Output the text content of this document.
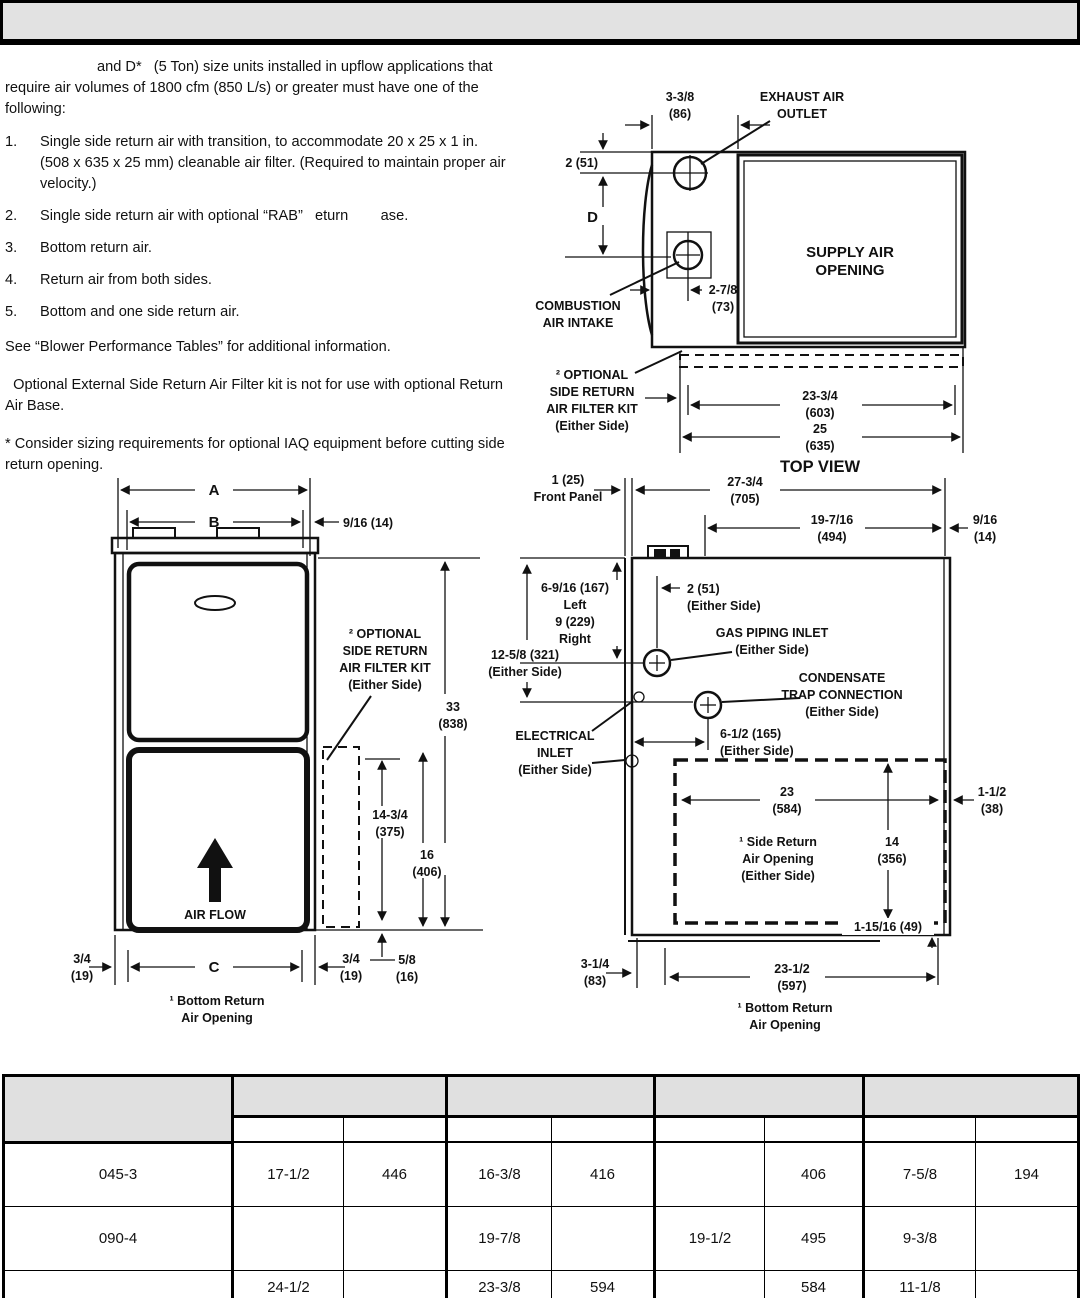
and D*   (5 Ton) size units installed in upflow applications that require air volumes of 1800 cfm (850 L/s) or greater must have one of the following:

1. Single side return air with transition, to accommodate 20 x 25 x 1 in. (508 x 635 x 25 mm) cleanable air filter. (Required to maintain proper air velocity.)
2. Single side return air with optional “RAB”   eturn        ase.
3. Bottom return air.
4. Return air from both sides.
5. Bottom and one side return air.

See “Blower Performance Tables” for additional information.

Optional External Side Return Air Filter kit is not for use with optional Return Air Base.

* Consider sizing requirements for optional IAQ equipment before cutting side return opening.

3-3/8
(86)
EXHAUST AIR
OUTLET
2 (51)
D
SUPPLY AIR
OPENING
COMBUSTION
AIR INTAKE
2-7/8
(73)
² OPTIONAL
SIDE RETURN
AIR FILTER KIT
(Either Side)
23-3/4
(603)
25
(635)
TOP VIEW
A
B	9/16 (14)
² OPTIONAL
SIDE RETURN
AIR FILTER KIT
(Either Side)
33
(838)
14-3/4
(375)
16
(406)
5/8
(16)
AIR FLOW
3/4
(19)	C	3/4
(19)
¹ Bottom Return
Air Opening
1 (25)
Front Panel
27-3/4
(705)
19-7/16
(494)
9/16
(14)
6-9/16 (167)
Left
9 (229)
Right
12-5/8 (321)
(Either Side)
2 (51)
(Either Side)
GAS PIPING INLET
(Either Side)
CONDENSATE
TRAP CONNECTION
(Either Side)
ELECTRICAL
INLET
(Either Side)
6-1/2 (165)
(Either Side)
23
(584)
¹ Side Return
Air Opening
(Either Side)
14
(356)
1-1/2
(38)
1-15/16 (49)
3-1/4
(83)
23-1/2
(597)
¹ Bottom Return
Air Opening

045-3	17-1/2	446	16-3/8	416		406	7-5/8	194
090-4			19-7/8		19-1/2	495	9-3/8	
	24-1/2		23-3/8	594		584	11-1/8	
